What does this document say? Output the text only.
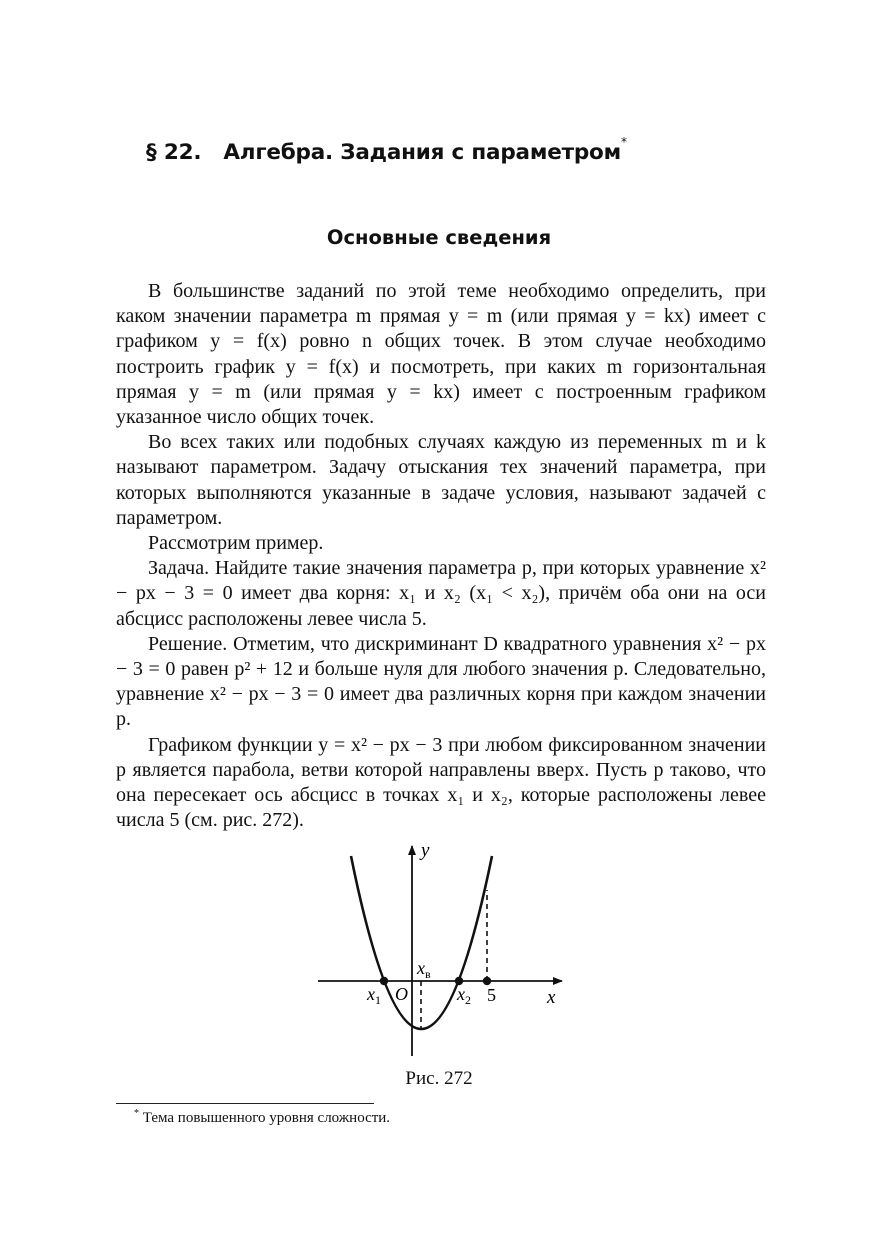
§ 22. Алгебра. Задания с параметром*
Основные сведения

В большинстве заданий по этой теме необходимо определить, при каком значении параметра m прямая y = m (или прямая y = kx) имеет с графиком y = f(x) ровно n общих точек. В этом случае необходимо построить график y = f(x) и посмотреть, при каких m горизонтальная прямая y = m (или прямая y = kx) имеет с построенным графиком указанное число общих точек.

Во всех таких или подобных случаях каждую из переменных m и k называют параметром. Задачу отыскания тех значений параметра, при которых выполняются указанные в задаче условия, называют задачей с параметром.

Рассмотрим пример.

Задача. Найдите такие значения параметра p, при которых уравнение x² − px − 3 = 0 имеет два корня: x₁ и x₂ (x₁ < x₂), причём оба они на оси абсцисс расположены левее числа 5.

Решение. Отметим, что дискриминант D квадратного уравнения x² − px − 3 = 0 равен p² + 12 и больше нуля для любого значения p. Следовательно, уравнение x² − px − 3 = 0 имеет два различных корня при каждом значении p.

Графиком функции y = x² − px − 3 при любом фиксированном значении p является парабола, ветви которой направлены вверх. Пусть p таково, что она пересекает ось абсцисс в точках x₁ и x₂, которые расположены левее числа 5 (см. рис. 272).

y
x
O
$x_1$	$x_2$
$x_в$
5
Рис. 272
* Тема повышенного уровня сложности.
